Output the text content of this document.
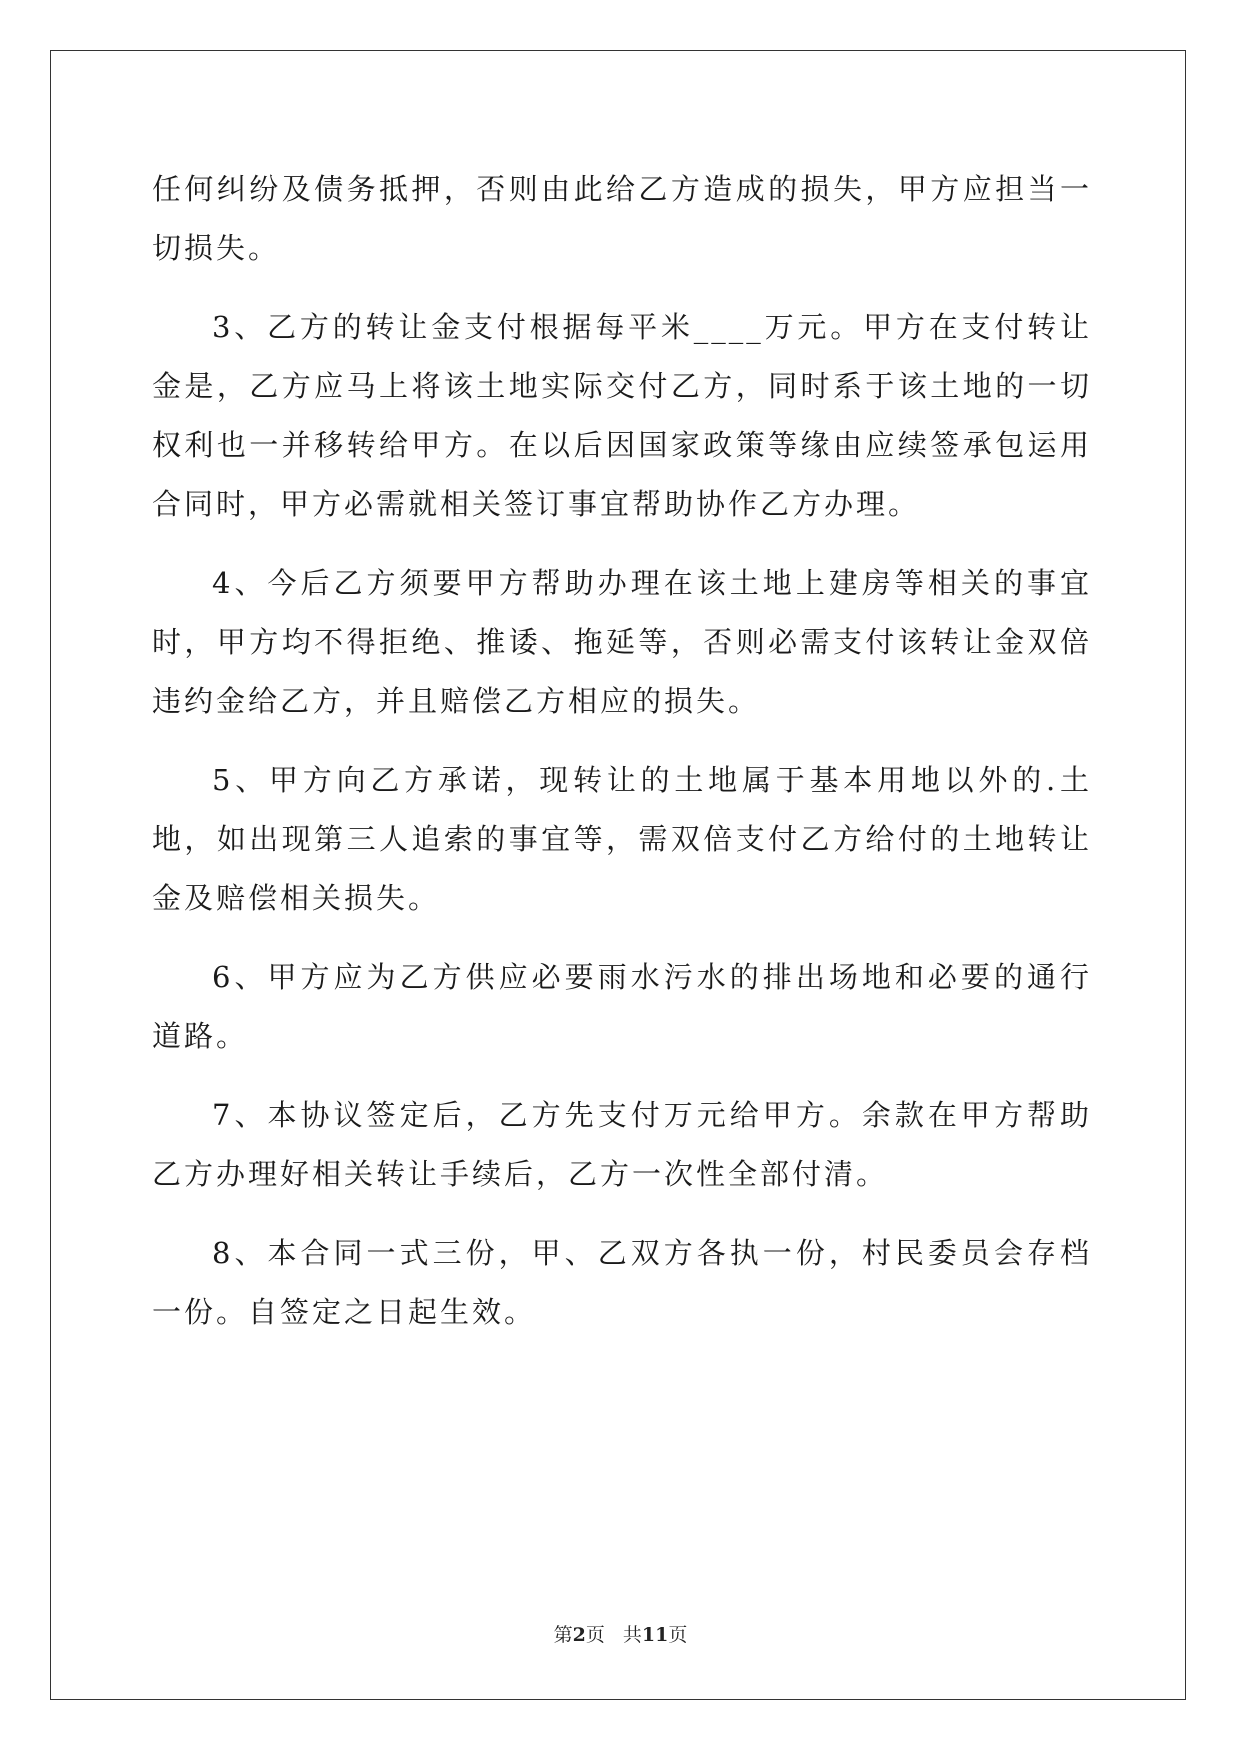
任何纠纷及债务抵押，否则由此给乙方造成的损失，甲方应担当一切损失。

3、乙方的转让金支付根据每平米____万元。甲方在支付转让金是，乙方应马上将该土地实际交付乙方，同时系于该土地的一切权利也一并移转给甲方。在以后因国家政策等缘由应续签承包运用合同时，甲方必需就相关签订事宜帮助协作乙方办理。

4、今后乙方须要甲方帮助办理在该土地上建房等相关的事宜时，甲方均不得拒绝、推诿、拖延等，否则必需支付该转让金双倍违约金给乙方，并且赔偿乙方相应的损失。

5、甲方向乙方承诺，现转让的土地属于基本用地以外的.土地，如出现第三人追索的事宜等，需双倍支付乙方给付的土地转让金及赔偿相关损失。

6、甲方应为乙方供应必要雨水污水的排出场地和必要的通行道路。

7、本协议签定后，乙方先支付万元给甲方。余款在甲方帮助乙方办理好相关转让手续后，乙方一次性全部付清。

8、本合同一式三份，甲、乙双方各执一份，村民委员会存档一份。自签定之日起生效。

第2页 共11页
